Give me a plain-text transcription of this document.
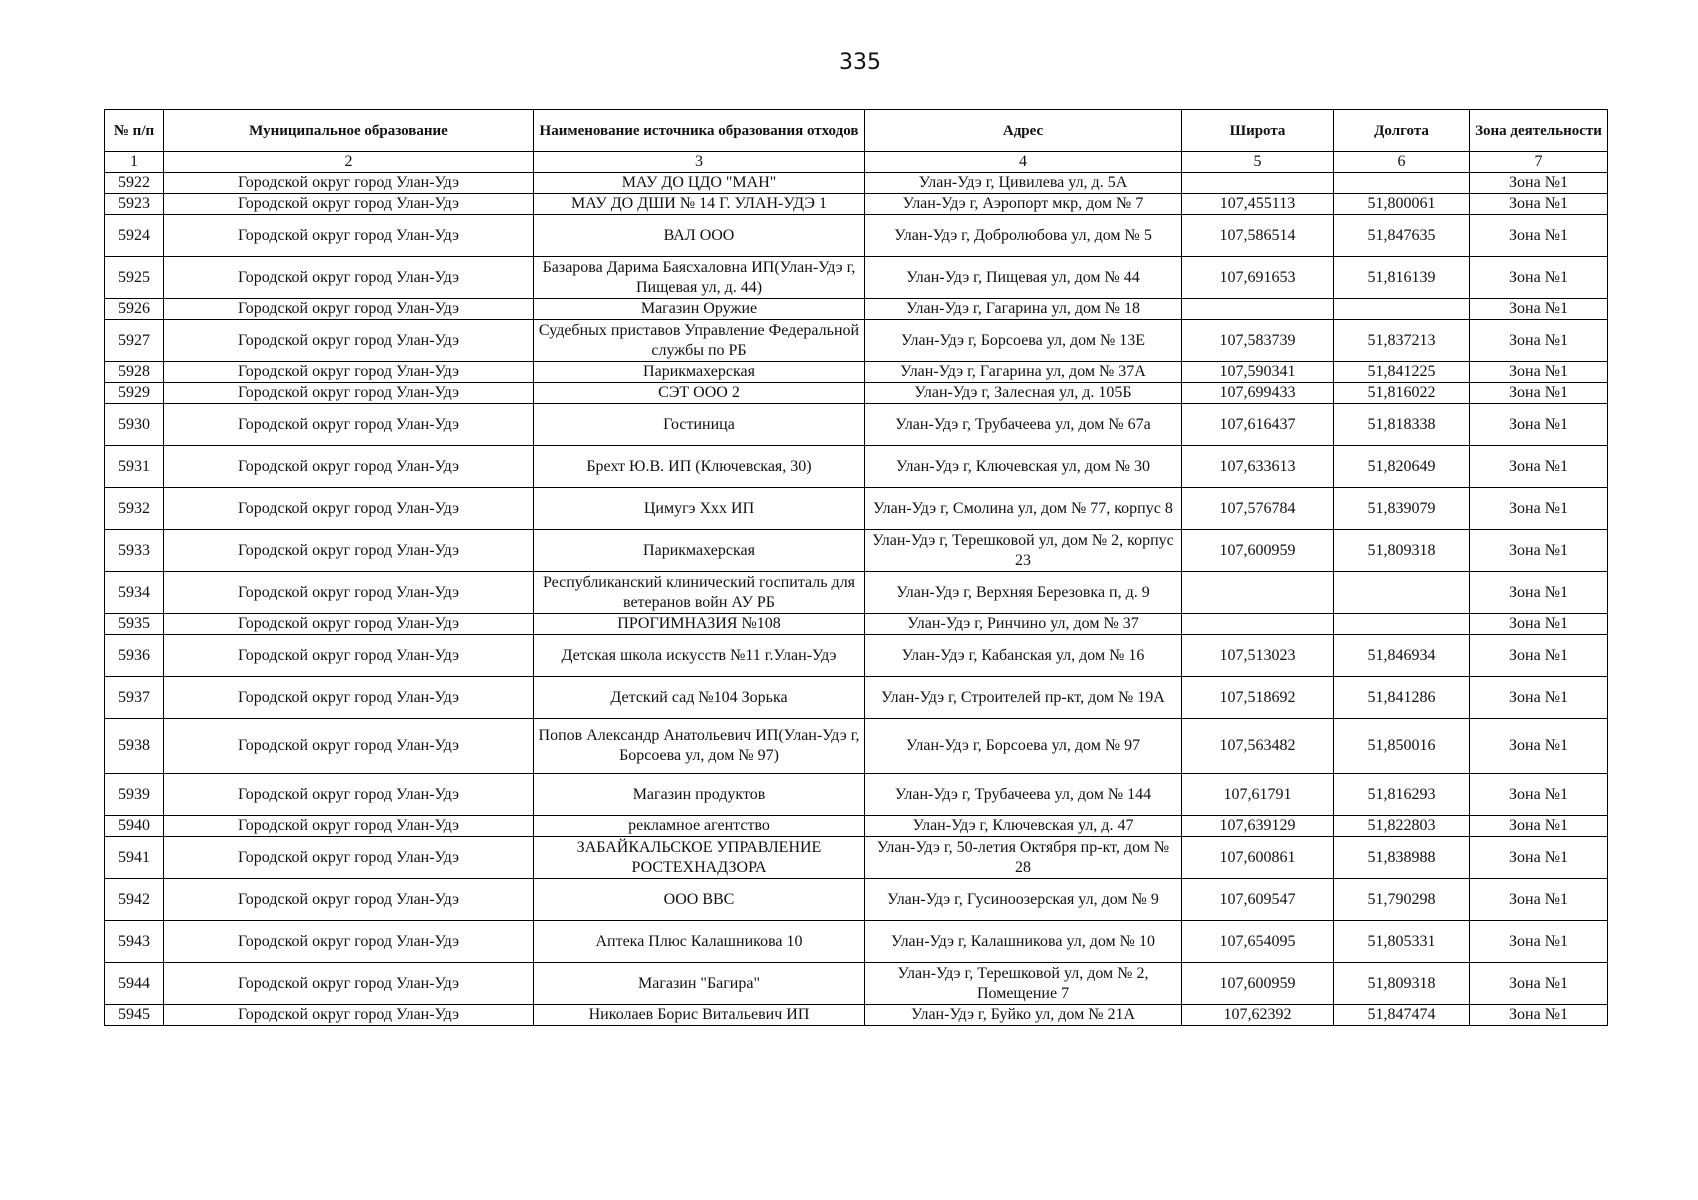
335
№ п/п	Муниципальное образование	Наименование источника образования отходов	Адрес	Широта	Долгота	Зона деятельности
1	2	3	4	5	6	7
5922	Городской округ город Улан-Удэ	МАУ ДО ЦДО "МАН"	Улан-Удэ г, Цивилева ул, д. 5А			Зона №1
5923	Городской округ город Улан-Удэ	МАУ ДО ДШИ № 14 Г. УЛАН-УДЭ 1	Улан-Удэ г, Аэропорт мкр, дом № 7	107,455113	51,800061	Зона №1
5924	Городской округ город Улан-Удэ	ВАЛ ООО	Улан-Удэ г, Добролюбова ул, дом № 5	107,586514	51,847635	Зона №1
5925	Городской округ город Улан-Удэ	Базарова Дарима Баясхаловна ИП(Улан-Удэ г, Пищевая ул, д. 44)	Улан-Удэ г, Пищевая ул, дом № 44	107,691653	51,816139	Зона №1
5926	Городской округ город Улан-Удэ	Магазин Оружие	Улан-Удэ г, Гагарина ул, дом № 18			Зона №1
5927	Городской округ город Улан-Удэ	Судебных приставов Управление Федеральной службы по РБ	Улан-Удэ г, Борсоева ул, дом № 13Е	107,583739	51,837213	Зона №1
5928	Городской округ город Улан-Удэ	Парикмахерская	Улан-Удэ г, Гагарина ул, дом № 37А	107,590341	51,841225	Зона №1
5929	Городской округ город Улан-Удэ	СЭТ ООО 2	Улан-Удэ г, Залесная ул, д. 105Б	107,699433	51,816022	Зона №1
5930	Городской округ город Улан-Удэ	Гостиница	Улан-Удэ г, Трубачеева ул, дом № 67а	107,616437	51,818338	Зона №1
5931	Городской округ город Улан-Удэ	Брехт Ю.В. ИП (Ключевская, 30)	Улан-Удэ г, Ключевская ул, дом № 30	107,633613	51,820649	Зона №1
5932	Городской округ город Улан-Удэ	Цимугэ Ххх ИП	Улан-Удэ г, Смолина ул, дом № 77, корпус 8	107,576784	51,839079	Зона №1
5933	Городской округ город Улан-Удэ	Парикмахерская	Улан-Удэ г, Терешковой ул, дом № 2, корпус 23	107,600959	51,809318	Зона №1
5934	Городской округ город Улан-Удэ	Республиканский клинический госпиталь для ветеранов войн АУ РБ	Улан-Удэ г, Верхняя Березовка п, д. 9			Зона №1
5935	Городской округ город Улан-Удэ	ПРОГИМНАЗИЯ №108	Улан-Удэ г, Ринчино ул, дом № 37			Зона №1
5936	Городской округ город Улан-Удэ	Детская школа искусств №11 г.Улан-Удэ	Улан-Удэ г, Кабанская ул, дом № 16	107,513023	51,846934	Зона №1
5937	Городской округ город Улан-Удэ	Детский сад №104 Зорька	Улан-Удэ г, Строителей пр-кт, дом № 19А	107,518692	51,841286	Зона №1
5938	Городской округ город Улан-Удэ	Попов Александр Анатольевич ИП(Улан-Удэ г, Борсоева ул, дом № 97)	Улан-Удэ г, Борсоева ул, дом № 97	107,563482	51,850016	Зона №1
5939	Городской округ город Улан-Удэ	Магазин продуктов	Улан-Удэ г, Трубачеева ул, дом № 144	107,61791	51,816293	Зона №1
5940	Городской округ город Улан-Удэ	рекламное агентство	Улан-Удэ г, Ключевская ул, д. 47	107,639129	51,822803	Зона №1
5941	Городской округ город Улан-Удэ	ЗАБАЙКАЛЬСКОЕ УПРАВЛЕНИЕ РОСТЕХНАДЗОРА	Улан-Удэ г, 50-летия Октября пр-кт, дом № 28	107,600861	51,838988	Зона №1
5942	Городской округ город Улан-Удэ	ООО ВВС	Улан-Удэ г, Гусиноозерская ул, дом № 9	107,609547	51,790298	Зона №1
5943	Городской округ город Улан-Удэ	Аптека Плюс Калашникова 10	Улан-Удэ г, Калашникова ул, дом № 10	107,654095	51,805331	Зона №1
5944	Городской округ город Улан-Удэ	Магазин "Багира"	Улан-Удэ г, Терешковой ул, дом № 2, Помещение 7	107,600959	51,809318	Зона №1
5945	Городской округ город Улан-Удэ	Николаев Борис Витальевич ИП	Улан-Удэ г, Буйко ул, дом № 21А	107,62392	51,847474	Зона №1
